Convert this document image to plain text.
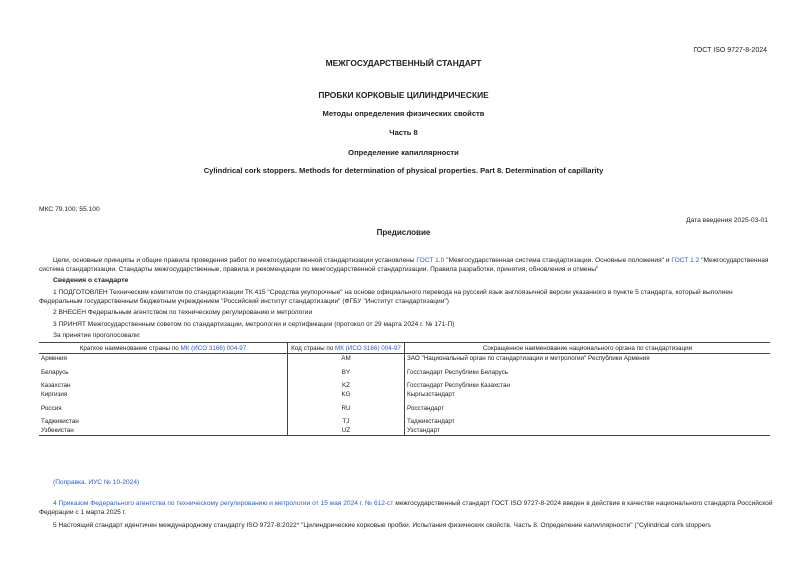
ГОСТ ISO 9727-8-2024
МЕЖГОСУДАРСТВЕННЫЙ СТАНДАРТ
ПРОБКИ КОРКОВЫЕ ЦИЛИНДРИЧЕСКИЕ
Методы определения физических свойств
Часть 8
Определение капиллярности
Cylindrical cork stoppers. Methods for determination of physical properties. Part 8. Determination of capillarity
МКС 79.100; 55.100
Дата введения 2025-03-01
Предисловие
Цели, основные принципы и общие правила проведения работ по межгосударственной стандартизации установлены ГОСТ 1.0 "Межгосударственная система стандартизации. Основные положения" и ГОСТ 1.2 "Межгосударственная система стандартизации. Стандарты межгосударственные, правила и рекомендации по межгосударственной стандартизации. Правила разработки, принятия, обновления и отмены"
Сведения о стандарте
1 ПОДГОТОВЛЕН Техническим комитетом по стандартизации ТК 415 "Средства укупорочные" на основе официального перевода на русский язык англоязычной версии указанного в пункте 5 стандарта, который выполнен Федеральным государственным бюджетным учреждением "Российский институт стандартизации" (ФГБУ "Институт стандартизации")
2 ВНЕСЕН Федеральным агентством по техническому регулированию и метрологии
3 ПРИНЯТ Межгосударственным советом по стандартизации, метрологии и сертификации (протокол от 29 марта 2024 г. № 171-П)
За принятие проголосовали:
Краткое наименование страны по МК (ИСО 3166) 004-97	Код страны по МК (ИСО 3166) 004-97	Сокращенное наименование национального органа по стандартизации
Армения	AM	ЗАО "Национальный орган по стандартизации и метрологии" Республики Армения
Беларусь	BY	Госстандарт Республики Беларусь
Казахстан	KZ	Госстандарт Республики Казахстан
Киргизия	KG	Кыргызстандарт
Россия	RU	Росстандарт
Таджикистан	TJ	Таджикстандарт
Узбекистан	UZ	Узстандарт
(Поправка. ИУС № 10-2024)
4 Приказом Федерального агентства по техническому регулированию и метрологии от 15 мая 2024 г. № 612-ст межгосударственный стандарт ГОСТ ISO 9727-8-2024 введен в действие в качестве национального стандарта Российской Федерации с 1 марта 2025 г.
5 Настоящий стандарт идентичен международному стандарту ISO 9727-8:2022* "Цилиндрические корковые пробки. Испытания физических свойств. Часть 8. Определение капиллярности" ("Cylindrical cork stoppers
